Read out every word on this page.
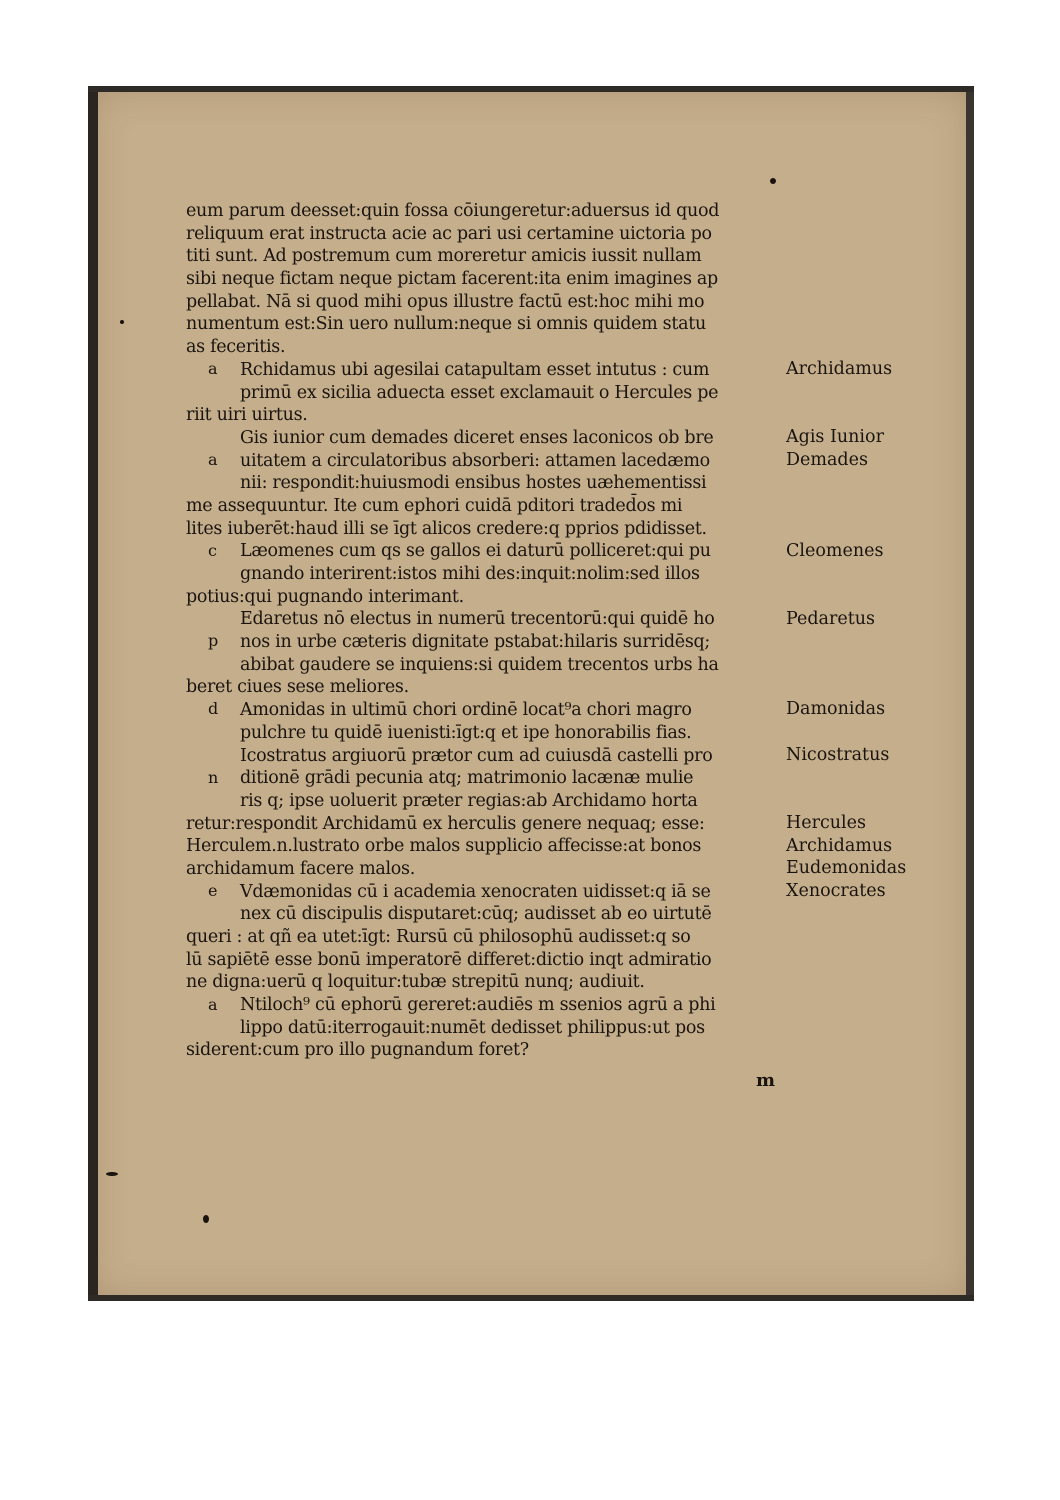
eum parum deesset:quin fossa cōiungeretur:aduersus id quod
reliquum erat instructa acie ac pari usi certamine uictoria po
titi sunt. Ad postremum cum moreretur amicis iussit nullam
sibi neque fictam neque pictam facerent:ita enim imagines ap
pellabat. Nā si quod mihi opus illustre factū est:hoc mihi mo
numentum est:Sin uero nullum:neque si omnis quidem statu
as feceritis.
Rchidamus ubi agesilai catapultam esset intutus : cum
primū ex sicilia aduecta esset exclamauit o Hercules pe
riit uiri uirtus.
Gis iunior cum demades diceret enses laconicos ob bre
uitatem a circulatoribus absorberi: attamen lacedæmo
nii: respondit:huiusmodi ensibus hostes uæhementissi
me assequuntur. Ite cum ephori cuidā pditori traded̄os mi
lites iuberēt:haud illi se īgt alicos credere:q pprios pdidisset.
Læomenes cum qs se gallos ei daturū polliceret:qui pu
gnando interirent:istos mihi des:inquit:nolim:sed illos
potius:qui pugnando interimant.
Edaretus nō electus in numerū trecentorū:qui quidē ho
nos in urbe cæteris dignitate pstabat:hilaris surridēsq;
abibat gaudere se inquiens:si quidem trecentos urbs ha
beret ciues sese meliores.
Amonidas in ultimū chori ordinē locat⁹a chori magro
pulchre tu quidē iuenisti:īgt:q et ipe honorabilis fias.
Icostratus argiuorū prætor cum ad cuiusdā castelli pro
ditionē grādi pecunia atq; matrimonio lacænæ mulie
ris q; ipse uoluerit præter regias:ab Archidamo horta
retur:respondit Archidamū ex herculis genere nequaq; esse:
Herculem.n.lustrato orbe malos supplicio affecisse:at bonos
archidamum facere malos.
Vdæmonidas cū i academia xenocraten uidisset:q iā se
nex cū discipulis disputaret:cūq; audisset ab eo uirtutē
queri : at qñ ea utet:īgt: Rursū cū philosophū audisset:q so
lū sapiētē esse bonū imperatorē differet:dictio inqt admiratio
ne digna:uerū q loquitur:tubæ strepitū nunq; audiuit.
Ntiloch⁹ cū ephorū gereret:audiēs m ssenios agrū a phi
lippo datū:iterrogauit:numēt dedisset philippus:ut pos
siderent:cum pro illo pugnandum foret?
a
a
c
p
d
n
e
a
Archidamus
Agis Iunior
Demades
Cleomenes
Pedaretus
Damonidas
Nicostratus
Hercules
Archidamus
Eudemonidas
Xenocrates
m
